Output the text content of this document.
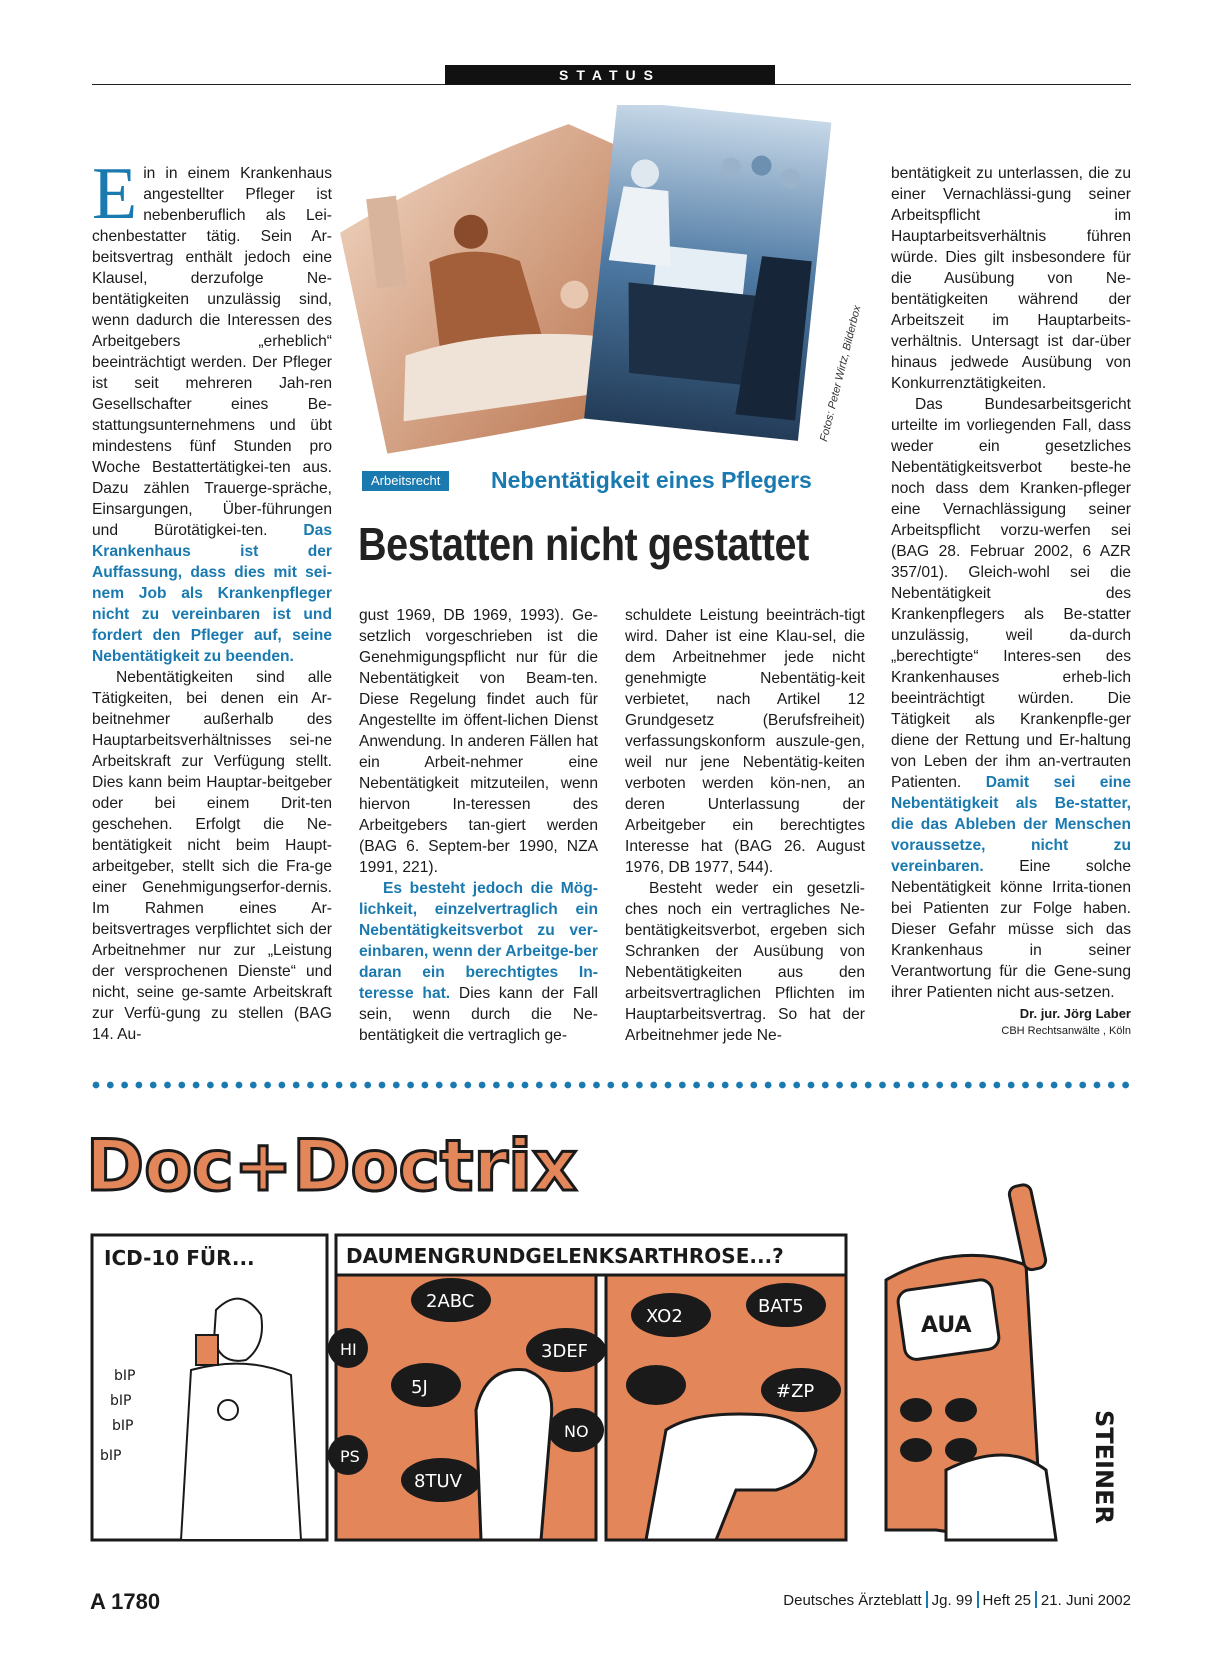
STATUS
Fotos: Peter Wirtz, Bilderbox
Arbeitsrecht	Nebentätigkeit eines Pflegers
Bestatten nicht gestattet

Ein in einem Krankenhaus angestellter Pfleger ist nebenberuflich als Lei-chenbestatter tätig. Sein Ar-beitsvertrag enthält jedoch eine Klausel, derzufolge Ne-bentätigkeiten unzulässig sind, wenn dadurch die Interessen des Arbeitgebers „erheblich“ beeinträchtigt werden. Der Pfleger ist seit mehreren Jah-ren Gesellschafter eines Be-stattungsunternehmens und übt mindestens fünf Stunden pro Woche Bestattertätigkei-ten aus. Dazu zählen Trauerge-spräche, Einsargungen, Über-führungen und Bürotätigkei-ten. Das Krankenhaus ist der Auffassung, dass dies mit sei-nem Job als Krankenpfleger nicht zu vereinbaren ist und fordert den Pfleger auf, seine Nebentätigkeit zu beenden.

Nebentätigkeiten sind alle Tätigkeiten, bei denen ein Ar-beitnehmer außerhalb des Hauptarbeitsverhältnisses sei-ne Arbeitskraft zur Verfügung stellt. Dies kann beim Hauptar-beitgeber oder bei einem Drit-ten geschehen. Erfolgt die Ne-bentätigkeit nicht beim Haupt-arbeitgeber, stellt sich die Fra-ge einer Genehmigungserfor-dernis. Im Rahmen eines Ar-beitsvertrages verpflichtet sich der Arbeitnehmer nur zur „Leistung der versprochenen Dienste“ und nicht, seine ge-samte Arbeitskraft zur Verfü-gung zu stellen (BAG 14. Au-

gust 1969, DB 1969, 1993). Ge-setzlich vorgeschrieben ist die Genehmigungspflicht nur für die Nebentätigkeit von Beam-ten. Diese Regelung findet auch für Angestellte im öffent-lichen Dienst Anwendung. In anderen Fällen hat ein Arbeit-nehmer eine Nebentätigkeit mitzuteilen, wenn hiervon In-teressen des Arbeitgebers tan-giert werden (BAG 6. Septem-ber 1990, NZA 1991, 221).

Es besteht jedoch die Mög-lichkeit, einzelvertraglich ein Nebentätigkeitsverbot zu ver-einbaren, wenn der Arbeitge-ber daran ein berechtigtes In-teresse hat. Dies kann der Fall sein, wenn durch die Ne-bentätigkeit die vertraglich ge-

schuldete Leistung beeinträch-tigt wird. Daher ist eine Klau-sel, die dem Arbeitnehmer jede nicht genehmigte Nebentätig-keit verbietet, nach Artikel 12 Grundgesetz (Berufsfreiheit) verfassungskonform auszule-gen, weil nur jene Nebentätig-keiten verboten werden kön-nen, an deren Unterlassung der Arbeitgeber ein berechtigtes Interesse hat (BAG 26. August 1976, DB 1977, 544).

Besteht weder ein gesetzli-ches noch ein vertragliches Ne-bentätigkeitsverbot, ergeben sich Schranken der Ausübung von Nebentätigkeiten aus den arbeitsvertraglichen Pflichten im Hauptarbeitsvertrag. So hat der Arbeitnehmer jede Ne-

bentätigkeit zu unterlassen, die zu einer Vernachlässi-gung seiner Arbeitspflicht im Hauptarbeitsverhältnis führen würde. Dies gilt insbesondere für die Ausübung von Ne-bentätigkeiten während der Arbeitszeit im Hauptarbeits-verhältnis. Untersagt ist dar-über hinaus jedwede Ausübung von Konkurrenztätigkeiten.

Das Bundesarbeitsgericht urteilte im vorliegenden Fall, dass weder ein gesetzliches Nebentätigkeitsverbot beste-he noch dass dem Kranken-pfleger eine Vernachlässigung seiner Arbeitspflicht vorzu-werfen sei (BAG 28. Februar 2002, 6 AZR 357/01). Gleich-wohl sei die Nebentätigkeit des Krankenpflegers als Be-statter unzulässig, weil da-durch „berechtigte“ Interes-sen des Krankenhauses erheb-lich beeinträchtigt würden. Die Tätigkeit als Krankenpfle-ger diene der Rettung und Er-haltung von Leben der ihm an-vertrauten Patienten. Damit sei eine Nebentätigkeit als Be-statter, die das Ableben der Menschen voraussetze, nicht zu vereinbaren. Eine solche Nebentätigkeit könne Irrita-tionen bei Patienten zur Folge haben. Dieser Gefahr müsse sich das Krankenhaus in seiner Verantwortung für die Gene-sung ihrer Patienten nicht aus-setzen.

Dr. jur. Jörg Laber
CBH Rechtsanwälte , Köln
Doc+Doctrix
ICD-10 FÜR...
bIP
bIP
bIP
bIP
DAUMENGRUNDGELENKSARTHROSE...?
2ABC
3DEF
5J
8TUV
HI
NO
PS
XO2	BAT5
#ZP
AUA
STEINER
A 1780	Deutsches Ärzteblatt Jg. 99 Heft 25 21. Juni 2002
